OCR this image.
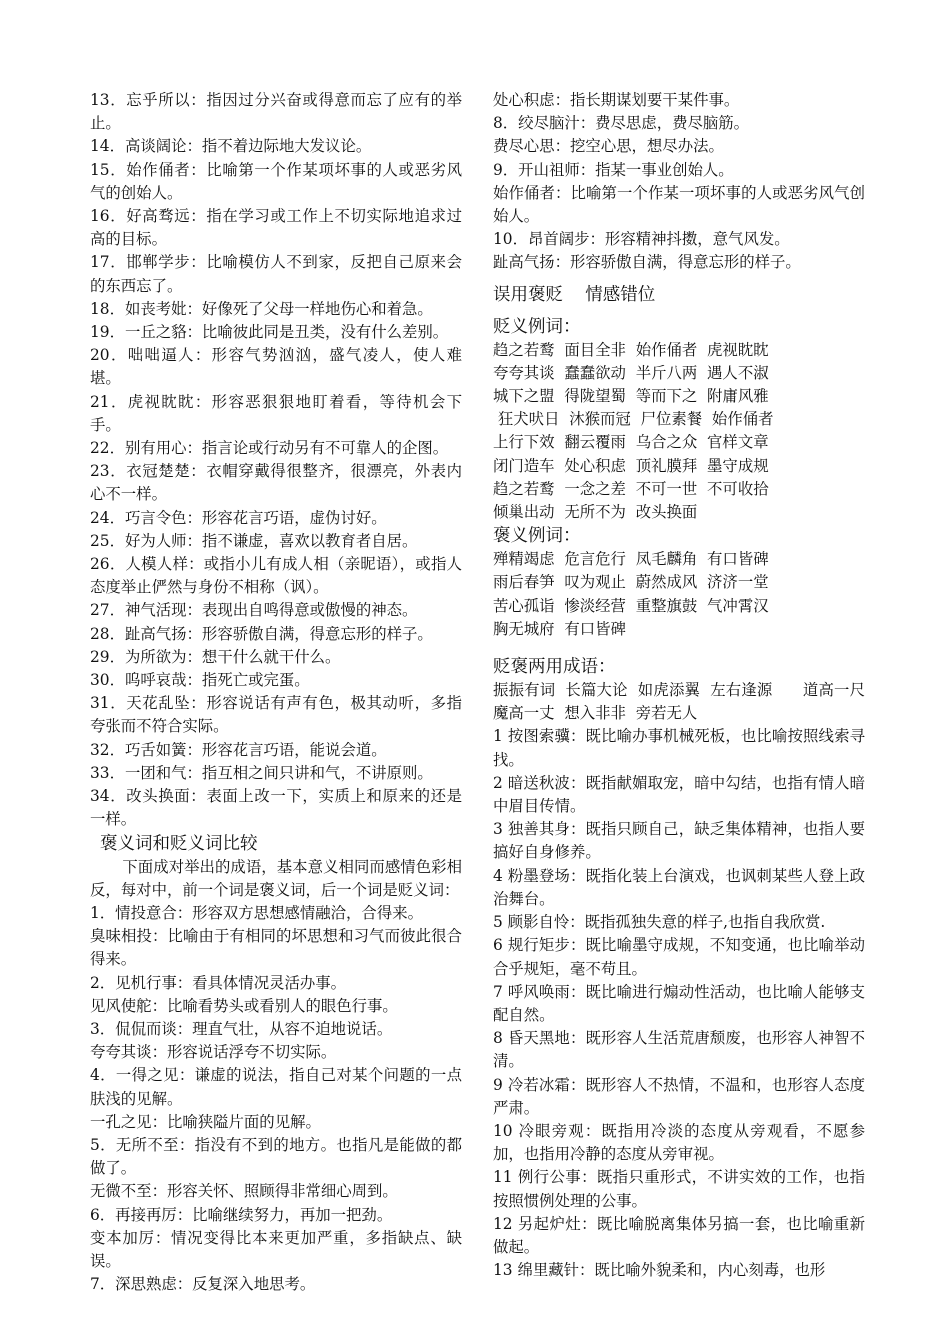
13．忘乎所以：指因过分兴奋或得意而忘了应有的举止。

14．高谈阔论：指不着边际地大发议论。

15．始作俑者：比喻第一个作某项坏事的人或恶劣风气的创始人。

16．好高骛远：指在学习或工作上不切实际地追求过高的目标。

17．邯郸学步：比喻模仿人不到家，反把自己原来会的东西忘了。

18．如丧考妣：好像死了父母一样地伤心和着急。

19．一丘之貉：比喻彼此同是丑类，没有什么差别。

20．咄咄逼人：形容气势汹汹，盛气凌人，使人难堪。

21．虎视眈眈：形容恶狠狠地盯着看，等待机会下手。

22．别有用心：指言论或行动另有不可靠人的企图。

23．衣冠楚楚：衣帽穿戴得很整齐，很漂亮，外表内心不一样。

24．巧言令色：形容花言巧语，虚伪讨好。

25．好为人师：指不谦虚，喜欢以教育者自居。

26．人模人样：或指小儿有成人相（亲昵语），或指人态度举止俨然与身份不相称（讽）。

27．神气活现：表现出自鸣得意或傲慢的神态。

28．趾高气扬：形容骄傲自满，得意忘形的样子。

29．为所欲为：想干什么就干什么。

30．呜呼哀哉：指死亡或完蛋。

31．天花乱坠：形容说话有声有色，极其动听，多指夸张而不符合实际。

32．巧舌如簧：形容花言巧语，能说会道。

33．一团和气：指互相之间只讲和气，不讲原则。

34．改头换面：表面上改一下，实质上和原来的还是一样。

褒义词和贬义词比较

下面成对举出的成语，基本意义相同而感情色彩相反，每对中，前一个词是褒义词，后一个词是贬义词：

1．情投意合：形容双方思想感情融洽，合得来。

臭味相投：比喻由于有相同的坏思想和习气而彼此很合得来。

2．见机行事：看具体情况灵活办事。

见风使舵：比喻看势头或看别人的眼色行事。

3．侃侃而谈：理直气壮，从容不迫地说话。

夸夸其谈：形容说话浮夸不切实际。

4．一得之见：谦虚的说法，指自己对某个问题的一点肤浅的见解。

一孔之见：比喻狭隘片面的见解。

5．无所不至：指没有不到的地方。也指凡是能做的都做了。

无微不至：形容关怀、照顾得非常细心周到。

6．再接再厉：比喻继续努力，再加一把劲。

变本加厉：情况变得比本来更加严重，多指缺点、缺误。

7．深思熟虑：反复深入地思考。

处心积虑：指长期谋划要干某件事。

8．绞尽脑汁：费尽思虑，费尽脑筋。

费尽心思：挖空心思，想尽办法。

9．开山祖师：指某一事业创始人。

始作俑者：比喻第一个作某一项坏事的人或恶劣风气创始人。

10．昂首阔步：形容精神抖擞，意气风发。

趾高气扬：形容骄傲自满，得意忘形的样子。

误用褒贬    情感错位

贬义例词：

趋之若鹜  面目全非  始作俑者  虎视眈眈

夸夸其谈  蠢蠢欲动  半斤八两  遇人不淑

城下之盟  得陇望蜀  等而下之  附庸风雅

狂犬吠日  沐猴而冠  尸位素餐  始作俑者

上行下效  翻云覆雨  乌合之众  官样文章

闭门造车  处心积虑  顶礼膜拜  墨守成规

趋之若鹜  一念之差  不可一世  不可收拾

倾巢出动  无所不为  改头换面

褒义例词：

殚精竭虑  危言危行  凤毛麟角  有口皆碑

雨后春笋  叹为观止  蔚然成风  济济一堂

苦心孤诣  惨淡经营  重整旗鼓  气冲霄汉

胸无城府  有口皆碑

贬褒两用成语：

振振有词  长篇大论  如虎添翼  左右逢源      道高一尺魔高一丈  想入非非  旁若无人

1 按图索骥：既比喻办事机械死板，也比喻按照线索寻找。

2 暗送秋波：既指献媚取宠，暗中勾结，也指有情人暗中眉目传情。

3 独善其身：既指只顾自己，缺乏集体精神，也指人要搞好自身修养。

4 粉墨登场：既指化装上台演戏，也讽刺某些人登上政治舞台。

5 顾影自怜：既指孤独失意的样子,也指自我欣赏.

6 规行矩步：既比喻墨守成规，不知变通，也比喻举动合乎规矩，毫不苟且。

7 呼风唤雨：既比喻进行煽动性活动，也比喻人能够支配自然。

8 昏天黑地：既形容人生活荒唐颓废，也形容人神智不清。

9 冷若冰霜：既形容人不热情，不温和，也形容人态度严肃。

10 冷眼旁观：既指用冷淡的态度从旁观看，不愿参加，也指用冷静的态度从旁审视。

11 例行公事：既指只重形式，不讲实效的工作，也指按照惯例处理的公事。

12 另起炉灶：既比喻脱离集体另搞一套，也比喻重新做起。

13 绵里藏针：既比喻外貌柔和，内心刻毒，也形
